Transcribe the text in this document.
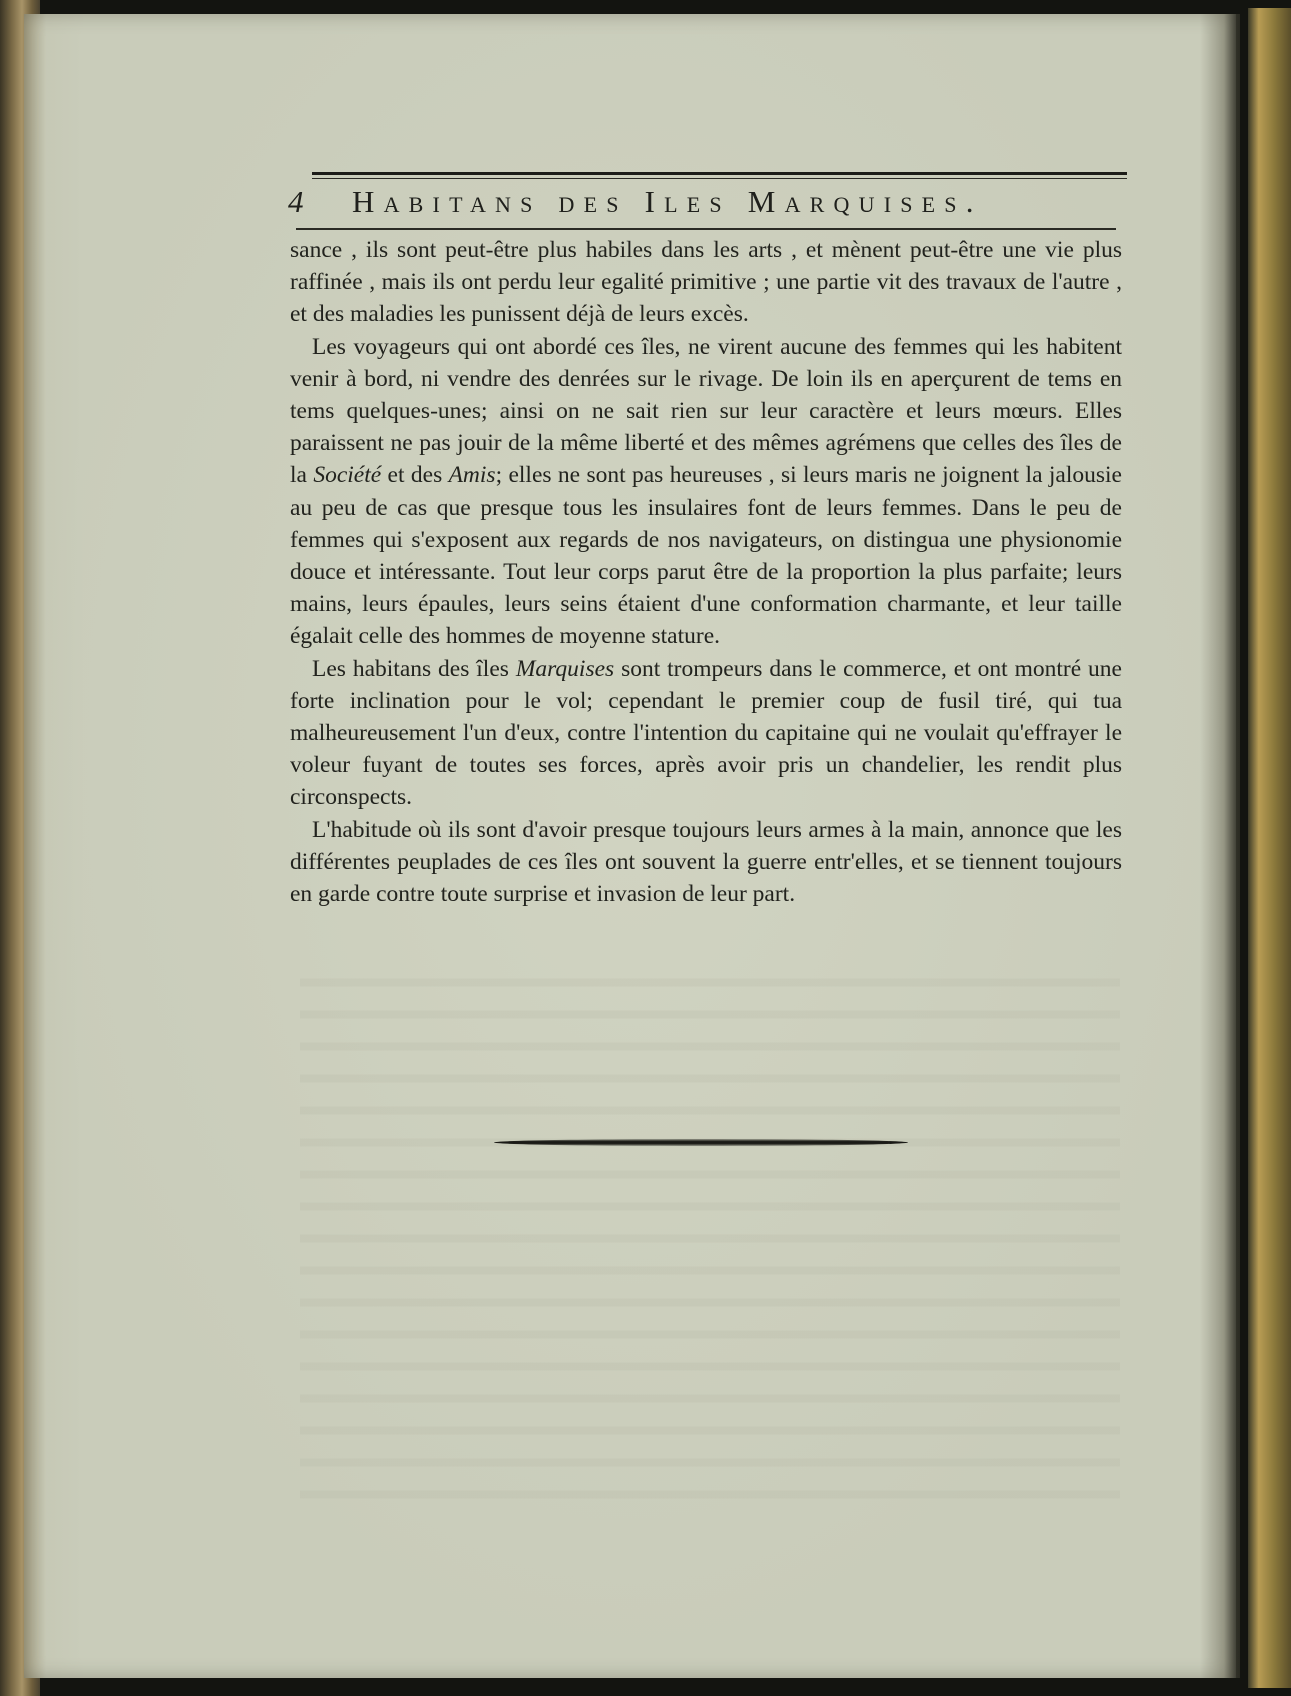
4 Habitans des Iles Marquises.

sance , ils sont peut-être plus habiles dans les arts , et mènent peut-être une vie plus raffinée , mais ils ont perdu leur egalité primitive ; une partie vit des travaux de l'autre , et des maladies les punissent déjà de leurs excès.

Les voyageurs qui ont abordé ces îles, ne virent aucune des femmes qui les habitent venir à bord, ni vendre des denrées sur le rivage. De loin ils en aperçurent de tems en tems quelques-unes; ainsi on ne sait rien sur leur caractère et leurs mœurs. Elles paraissent ne pas jouir de la même liberté et des mêmes agrémens que celles des îles de la Société et des Amis; elles ne sont pas heureuses , si leurs maris ne joignent la jalousie au peu de cas que presque tous les insulaires font de leurs femmes. Dans le peu de femmes qui s'exposent aux regards de nos navigateurs, on distingua une physionomie douce et intéressante. Tout leur corps parut être de la proportion la plus parfaite; leurs mains, leurs épaules, leurs seins étaient d'une conformation charmante, et leur taille égalait celle des hommes de moyenne stature.

Les habitans des îles Marquises sont trompeurs dans le commerce, et ont montré une forte inclination pour le vol; cependant le premier coup de fusil tiré, qui tua malheureusement l'un d'eux, contre l'intention du capitaine qui ne voulait qu'effrayer le voleur fuyant de toutes ses forces, après avoir pris un chandelier, les rendit plus circonspects.

L'habitude où ils sont d'avoir presque toujours leurs armes à la main, annonce que les différentes peuplades de ces îles ont souvent la guerre entr'elles, et se tiennent toujours en garde contre toute surprise et invasion de leur part.
